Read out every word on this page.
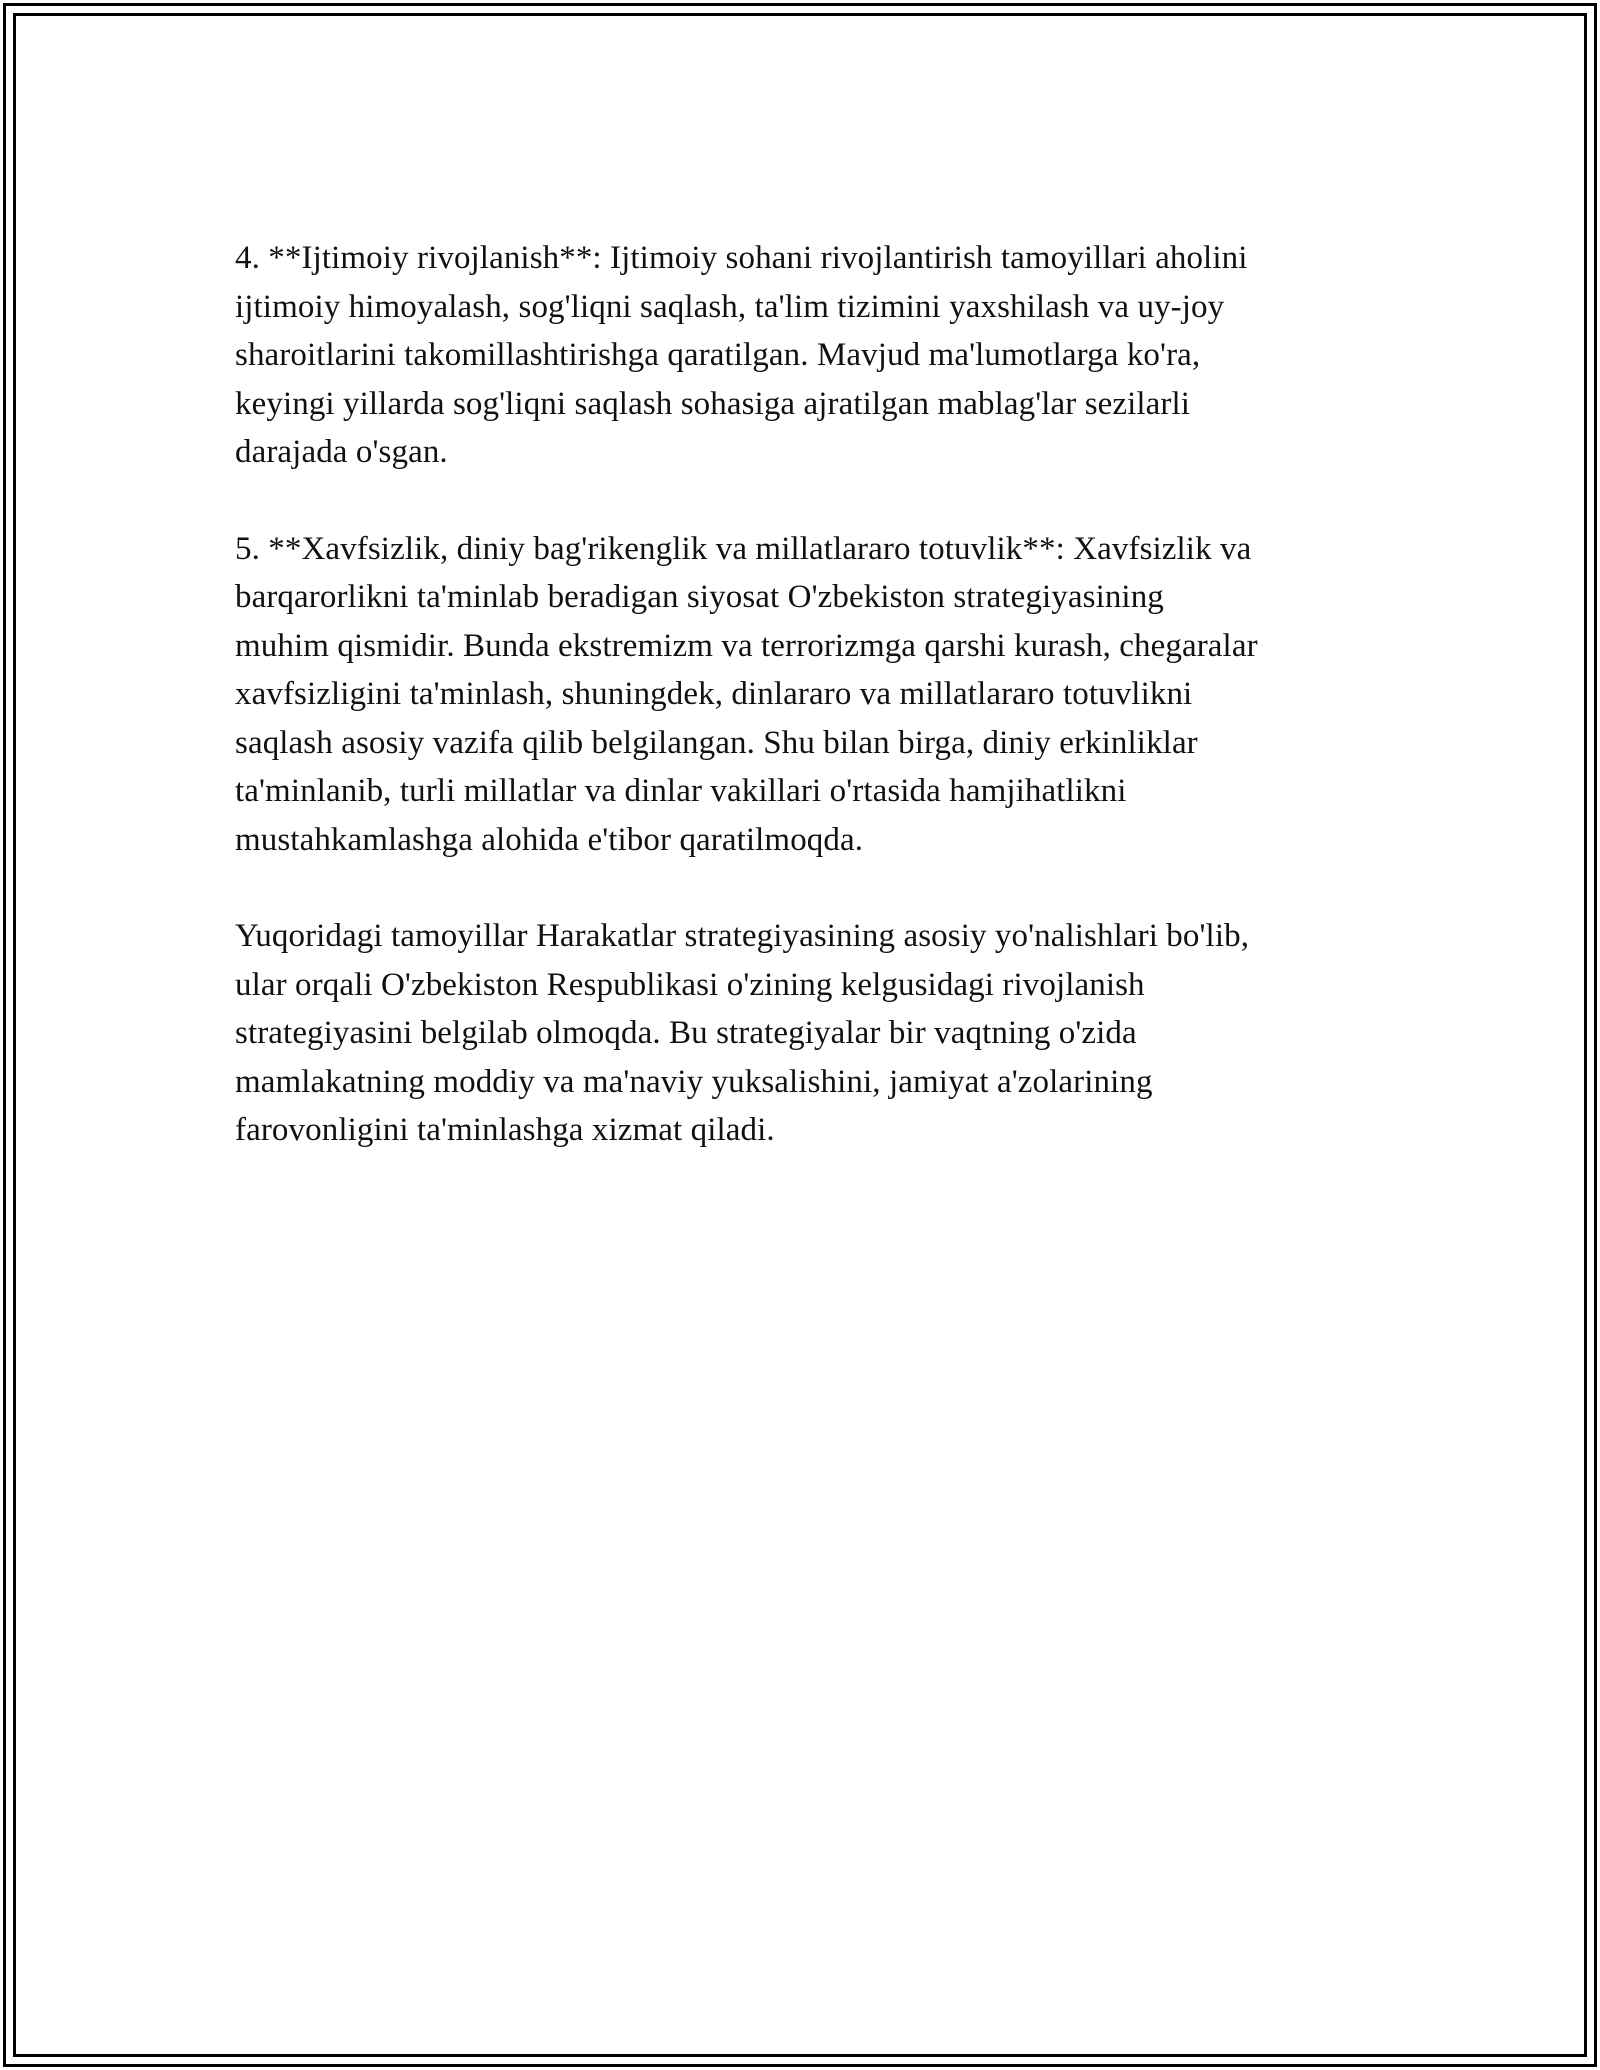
4. **Ijtimoiy rivojlanish**: Ijtimoiy sohani rivojlantirish tamoyillari aholini
ijtimoiy himoyalash, sog'liqni saqlash, ta'lim tizimini yaxshilash va uy-joy
sharoitlarini takomillashtirishga qaratilgan. Mavjud ma'lumotlarga ko'ra,
keyingi yillarda sog'liqni saqlash sohasiga ajratilgan mablag'lar sezilarli
darajada o'sgan.

5. **Xavfsizlik, diniy bag'rikenglik va millatlararo totuvlik**: Xavfsizlik va
barqarorlikni ta'minlab beradigan siyosat O'zbekiston strategiyasining
muhim qismidir. Bunda ekstremizm va terrorizmga qarshi kurash, chegaralar
xavfsizligini ta'minlash, shuningdek, dinlararo va millatlararo totuvlikni
saqlash asosiy vazifa qilib belgilangan. Shu bilan birga, diniy erkinliklar
ta'minlanib, turli millatlar va dinlar vakillari o'rtasida hamjihatlikni
mustahkamlashga alohida e'tibor qaratilmoqda.

Yuqoridagi tamoyillar Harakatlar strategiyasining asosiy yo'nalishlari bo'lib,
ular orqali O'zbekiston Respublikasi o'zining kelgusidagi rivojlanish
strategiyasini belgilab olmoqda. Bu strategiyalar bir vaqtning o'zida
mamlakatning moddiy va ma'naviy yuksalishini, jamiyat a'zolarining
farovonligini ta'minlashga xizmat qiladi.
